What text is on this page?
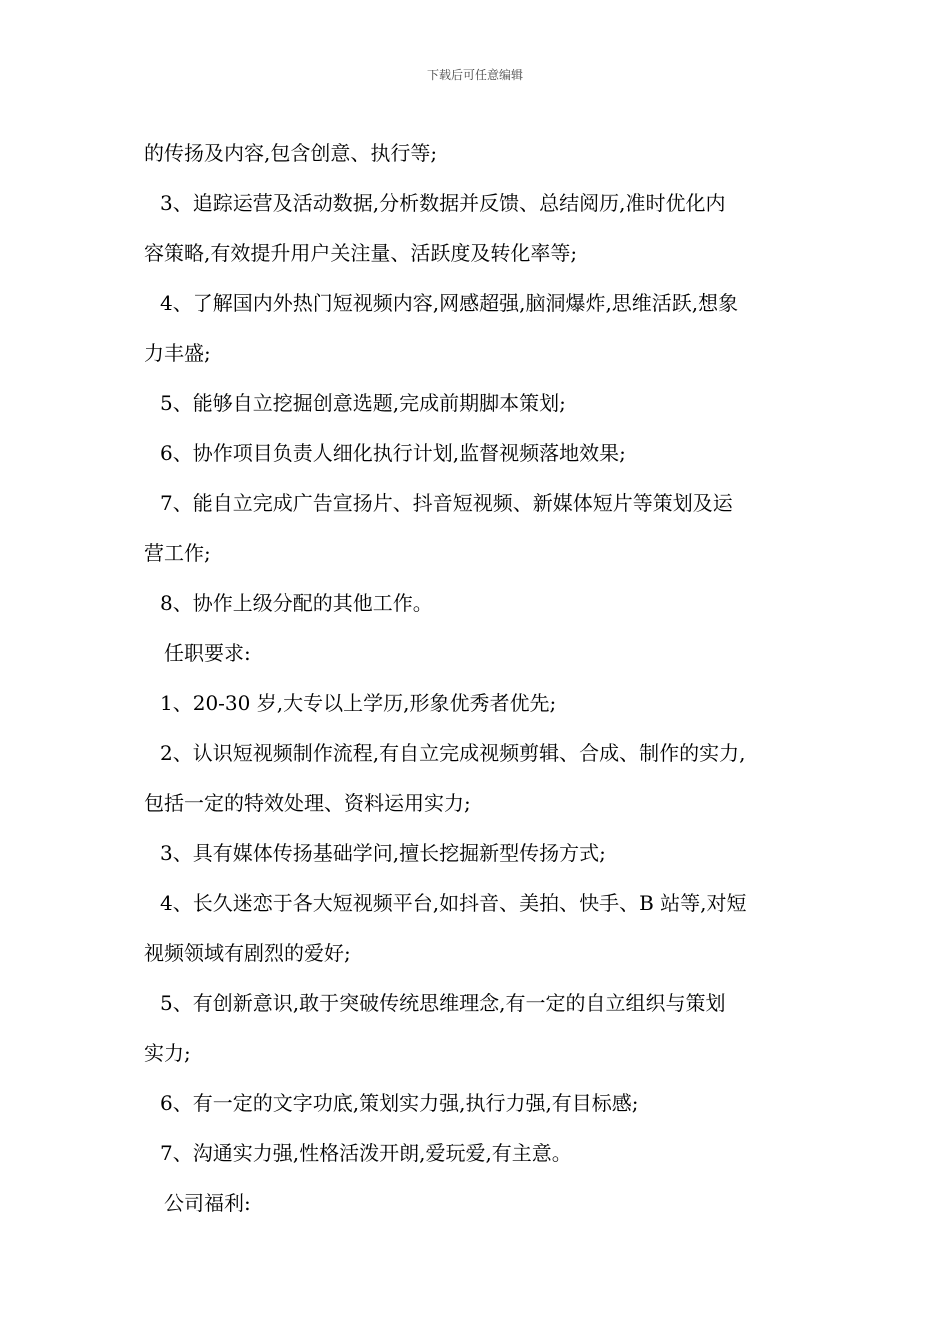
下载后可任意编辑
的传扬及内容,包含创意、执行等;
3、追踪运营及活动数据,分析数据并反馈、总结阅历,准时优化内
容策略,有效提升用户关注量、活跃度及转化率等;
4、了解国内外热门短视频内容,网感超强,脑洞爆炸,思维活跃,想象
力丰盛;
5、能够自立挖掘创意选题,完成前期脚本策划;
6、协作项目负责人细化执行计划,监督视频落地效果;
7、能自立完成广告宣扬片、抖音短视频、新媒体短片等策划及运
营工作;
8、协作上级分配的其他工作。
任职要求:
1、20-30 岁,大专以上学历,形象优秀者优先;
2、认识短视频制作流程,有自立完成视频剪辑、合成、制作的实力,
包括一定的特效处理、资料运用实力;
3、具有媒体传扬基础学问,擅长挖掘新型传扬方式;
4、长久迷恋于各大短视频平台,如抖音、美拍、快手、B 站等,对短
视频领域有剧烈的爱好;
5、有创新意识,敢于突破传统思维理念,有一定的自立组织与策划
实力;
6、有一定的文字功底,策划实力强,执行力强,有目标感;
7、沟通实力强,性格活泼开朗,爱玩爱,有主意。
公司福利:
